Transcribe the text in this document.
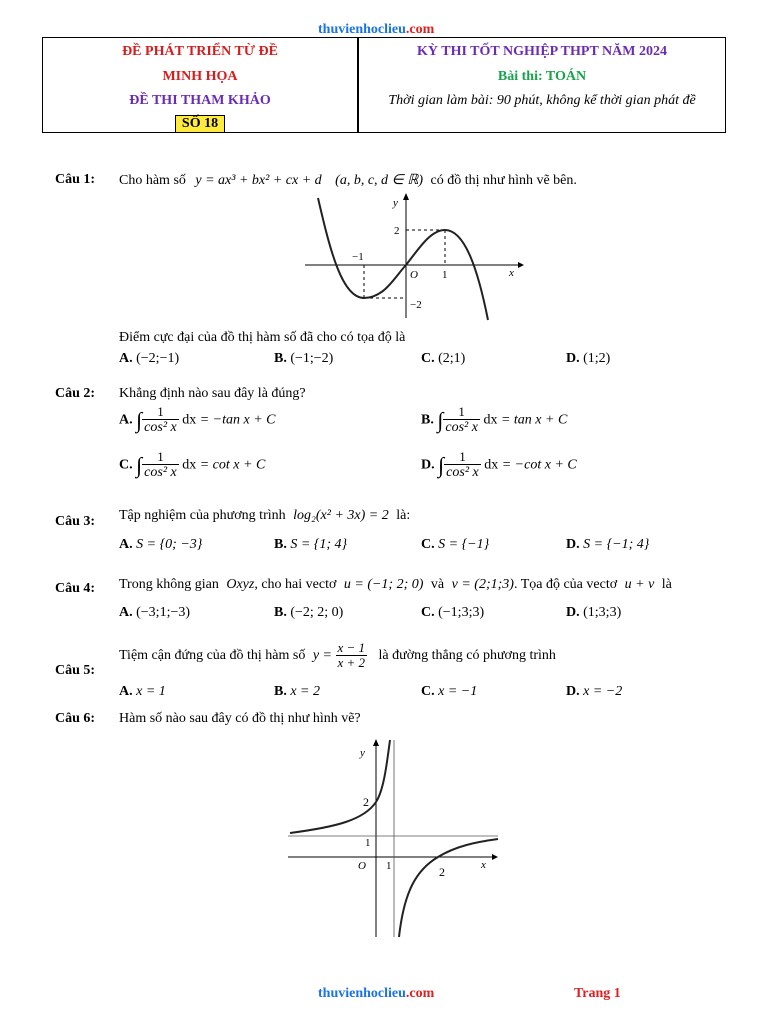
thuvienhoclieu.com
ĐỀ PHÁT TRIỂN TỪ ĐỀ
MINH HỌA
ĐỀ THI THAM KHẢO
SỐ 18
KỲ THI TỐT NGHIỆP THPT NĂM 2024
Bài thi: TOÁN
Thời gian làm bài: 90 phút, không kể thời gian phát đề
Câu 1: Cho hàm số y = ax³ + bx² + cx + d (a, b, c, d ∈ ℝ) có đồ thị như hình vẽ bên.
y
x
O
−1
1
2
−2
Điểm cực đại của đồ thị hàm số đã cho có tọa độ là
A. (−2;−1)	B. (−1;−2)	C. (2;1)	D. (1;2)
Câu 2: Khẳng định nào sau đây là đúng?
A. ∫ $\frac{1}{\text{cos² x}}$ dx = −tan x + C	B. ∫ $\frac{1}{\text{cos² x}}$ dx = tan x + C
C. ∫ $\frac{1}{\text{cos² x}}$ dx = cot x + C	D. ∫ $\frac{1}{\text{cos² x}}$ dx = −cot x + C
Câu 3: Tập nghiệm của phương trình log₂(x² + 3x) = 2 là:
A. S = {0; −3}	B. S = {1; 4}	C. S = {−1}	D. S = {−1; 4}
Câu 4: Trong không gian Oxyz, cho hai vectơ u = (−1; 2; 0) và v = (2;1;3). Tọa độ của vectơ u + v là
A. (−3;1;−3)	B. (−2; 2; 0)	C. (−1;3;3)	D. (1;3;3)
Câu 5:
Tiệm cận đứng của đồ thị hàm số $y = \frac{x - 1}{x + 2}$ là đường thẳng có phương trình
A. x = 1	B. x = 2	C. x = −1	D. x = −2
Câu 6: Hàm số nào sau đây có đồ thị như hình vẽ?
y
x
O 1	2
1
2
thuvienhoclieu.com	Trang 1
